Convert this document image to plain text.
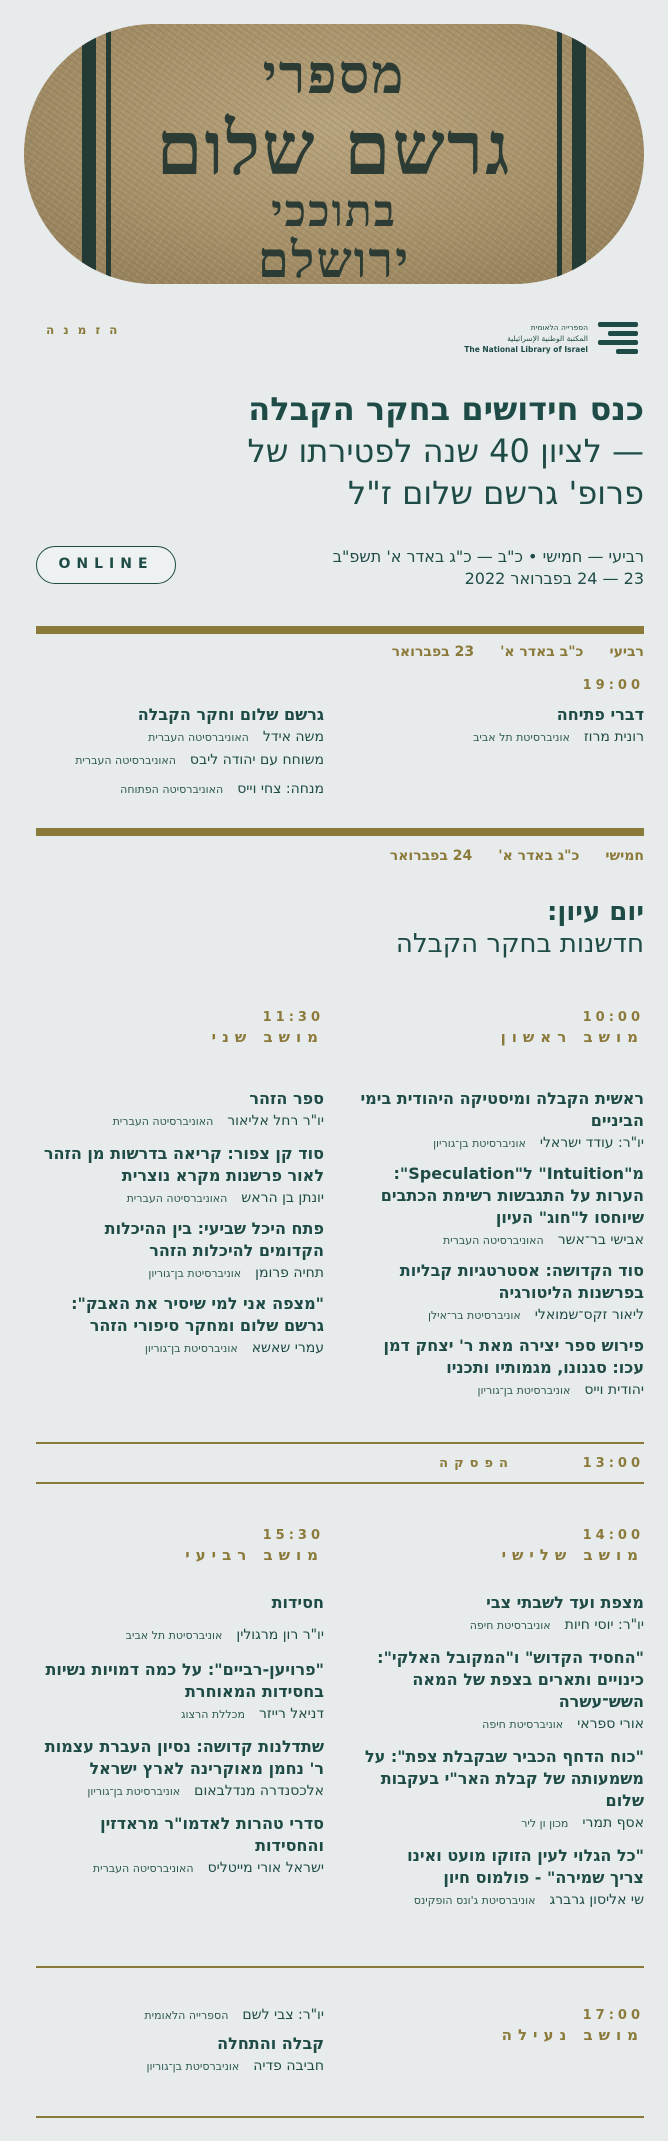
מספרי
גרשם שלום
בתוככי
ירושלם
הזמנה	הספרייה הלאומית
المكتبة الوطنية الإسرائيلية
The National Library of Israel
כנס חידושים בחקר הקבלה
— לציון 40 שנה לפטירתו של
פרופ' גרשם שלום ז"ל
ONLINE	רביעי — חמישי • כ"ב — כ"ג באדר א' תשפ"ב
23 — 24 בפברואר 2022
רביעיכ"ב באדר א'23 בפברואר
19:00
דברי פתיחה
רונית מרוזאוניברסיטת תל אביב
גרשם שלום וחקר הקבלה
משה אידלהאוניברסיטה העברית
משוחח עם יהודה ליבסהאוניברסיטה העברית
מנחה: צחי וייסהאוניברסיטה הפתוחה
חמישיכ"ג באדר א'24 בפברואר
יום עיון:
חדשנות בחקר הקבלה
10:00
מושב ראשון
ראשית הקבלה ומיסטיקה היהודית בימי הביניים
יו"ר: עודד ישראליאוניברסיטת בן־גוריון
מ"Intuition" ל"Speculation": הערות על התגבשות רשימת הכתבים שיוחסו ל"חוג" העיון
אבישי בר־אשרהאוניברסיטה העברית
סוד הקדושה: אסטרטגיות קבליות בפרשנות הליטורגיה
ליאור זקס־שמואליאוניברסיטת בר־אילן
פירוש ספר יצירה מאת ר' יצחק דמן עכו: סגנונו, מגמותיו ותכניו
יהודית וייסאוניברסיטת בן־גוריון
11:30
מושב שני
ספר הזהר
יו"ר רחל אליאורהאוניברסיטה העברית
סוד קן צפור: קריאה בדרשות מן הזהר לאור פרשנות מקרא נוצרית
יונתן בן הראשהאוניברסיטה העברית
פתח היכל שביעי: בין ההיכלות הקדומים להיכלות הזהר
תחיה פרומןאוניברסיטת בן־גוריון
"מצפה אני למי שיסיר את האבק": גרשם שלום ומחקר סיפורי הזהר
עמרי שאשאאוניברסיטת בן־גוריון
13:00
הפסקה
14:00
מושב שלישי
מצפת ועד לשבתי צבי
יו"ר: יוסי חיותאוניברסיטת חיפה
"החסיד הקדוש" ו"המקובל האלקי": כינויים ותארים בצפת של המאה השש־עשרה
אורי ספראיאוניברסיטת חיפה
"כוח הדחף הכביר שבקבלת צפת": על משמעותה של קבלת האר"י בעקבות שלום
אסף תמרימכון ון ליר
"כל הגלוי לעין הזוקו מועט ואינו צריך שמירה" - פולמוס חיון
שי אליסון גרברגאוניברסיטת ג'ונס הופקינס
15:30
מושב רביעי
חסידות
יו"ר רון מרגוליןאוניברסיטת תל אביב
"פרויען-רביים": על כמה דמויות נשיות בחסידות המאוחרת
דניאל רייזרמכללת הרצוג
שתדלנות קדושה: נסיון העברת עצמות ר' נחמן מאוקרינה לארץ ישראל
אלכסנדרה מנדלבאוםאוניברסיטת בן־גוריון
סדרי טהרות לאדמו"ר מראדזין והחסידות
ישראל אורי מייטליסהאוניברסיטה העברית
17:00
מושב נעילה
יו"ר: צבי לשםהספרייה הלאומית
קבלה והתחלה
חביבה פדיהאוניברסיטת בן־גוריון
